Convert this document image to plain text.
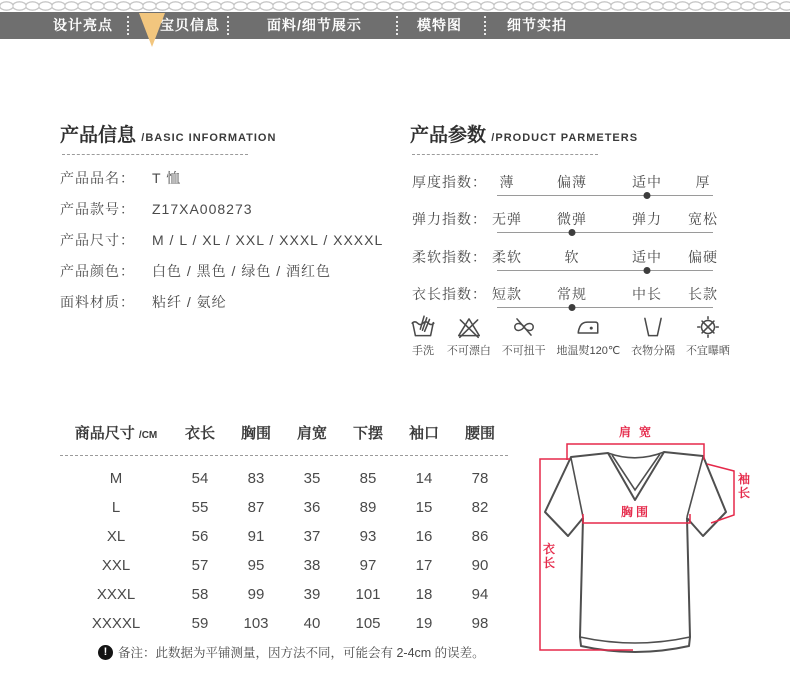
设计亮点	宝贝信息	面料/细节展示	模特图	细节实拍
产品信息 /BASIC INFORMATION
产品品名： T 恤
产品款号： Z17XA008273
产品尺寸： M / L / XL / XXL / XXXL / XXXXL
产品颜色： 白色 / 黑色 / 绿色 / 酒红色
面料材质： 粘纤 / 氨纶
产品参数 /PRODUCT PARMETERS
厚度指数： 薄	偏薄	适中 厚
弹力指数： 无弹	微弹	弹力 宽松
柔软指数： 柔软	软	适中 偏硬
衣长指数： 短款	常规	中长 长款
手洗 不可漂白 不可扭干 地温熨120℃ 衣物分隔 不宜曝晒
商品尺寸 /CM 衣长 胸围 肩宽 下摆 袖口 腰围
M	54	83	35	85	14	78
L	55	87	36	89	15	82
XL	56	91	37	93	16	86
XXL	57	95	38	97	17	90
XXXL	58	99	39 101 18	94
XXXXL	59 103 40 105 19	98
! 备注：此数据为平铺测量，因方法不同，可能会有 2-4cm 的误差。
肩宽
胸围
衣长
袖长
